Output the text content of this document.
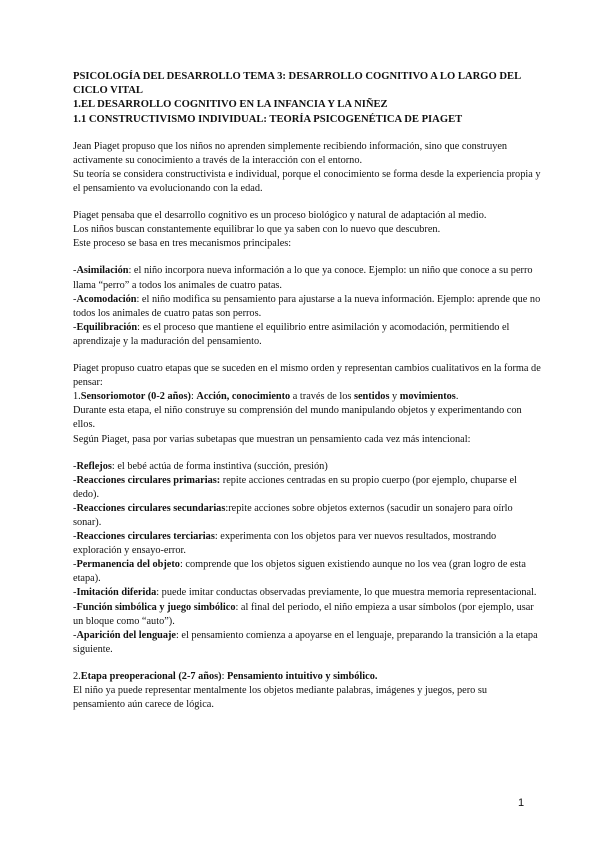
PSICOLOGÍA DEL DESARROLLO TEMA 3: DESARROLLO COGNITIVO A LO LARGO DEL CICLO VITAL

1.EL DESARROLLO COGNITIVO EN LA INFANCIA Y LA NIÑEZ

1.1 CONSTRUCTIVISMO INDIVIDUAL: TEORÍA PSICOGENÉTICA DE PIAGET

Jean Piaget propuso que los niños no aprenden simplemente recibiendo información, sino que construyen activamente su conocimiento a través de la interacción con el entorno.

Su teoría se considera constructivista e individual, porque el conocimiento se forma desde la experiencia propia y el pensamiento va evolucionando con la edad.

Piaget pensaba que el desarrollo cognitivo es un proceso biológico y natural de adaptación al medio.

Los niños buscan constantemente equilibrar lo que ya saben con lo nuevo que descubren.

Este proceso se basa en tres mecanismos principales:

-Asimilación: el niño incorpora nueva información a lo que ya conoce. Ejemplo: un niño que conoce a su perro llama “perro” a todos los animales de cuatro patas.

-Acomodación: el niño modifica su pensamiento para ajustarse a la nueva información. Ejemplo: aprende que no todos los animales de cuatro patas son perros.

-Equilibración: es el proceso que mantiene el equilibrio entre asimilación y acomodación, permitiendo el aprendizaje y la maduración del pensamiento.

Piaget propuso cuatro etapas que se suceden en el mismo orden y representan cambios cualitativos en la forma de pensar:

1.Sensoriomotor (0-2 años): Acción, conocimiento a través de los sentidos y movimientos.

Durante esta etapa, el niño construye su comprensión del mundo manipulando objetos y experimentando con ellos.

Según Piaget, pasa por varias subetapas que muestran un pensamiento cada vez más intencional:

-Reflejos: el bebé actúa de forma instintiva (succión, presión)

-Reacciones circulares primarias: repite acciones centradas en su propio cuerpo (por ejemplo, chuparse el dedo).

-Reacciones circulares secundarias:repite acciones sobre objetos externos (sacudir un sonajero para oírlo sonar).

-Reacciones circulares terciarias: experimenta con los objetos para ver nuevos resultados, mostrando exploración y ensayo-error.

-Permanencia del objeto: comprende que los objetos siguen existiendo aunque no los vea (gran logro de esta etapa).

-Imitación diferida: puede imitar conductas observadas previamente, lo que muestra memoria representacional.

-Función simbólica y juego simbólico: al final del periodo, el niño empieza a usar símbolos (por ejemplo, usar un bloque como “auto”).

-Aparición del lenguaje: el pensamiento comienza a apoyarse en el lenguaje, preparando la transición a la etapa siguiente.

2.Etapa preoperacional (2-7 años): Pensamiento intuitivo y simbólico.

El niño ya puede representar mentalmente los objetos mediante palabras, imágenes y juegos, pero su pensamiento aún carece de lógica.

1
